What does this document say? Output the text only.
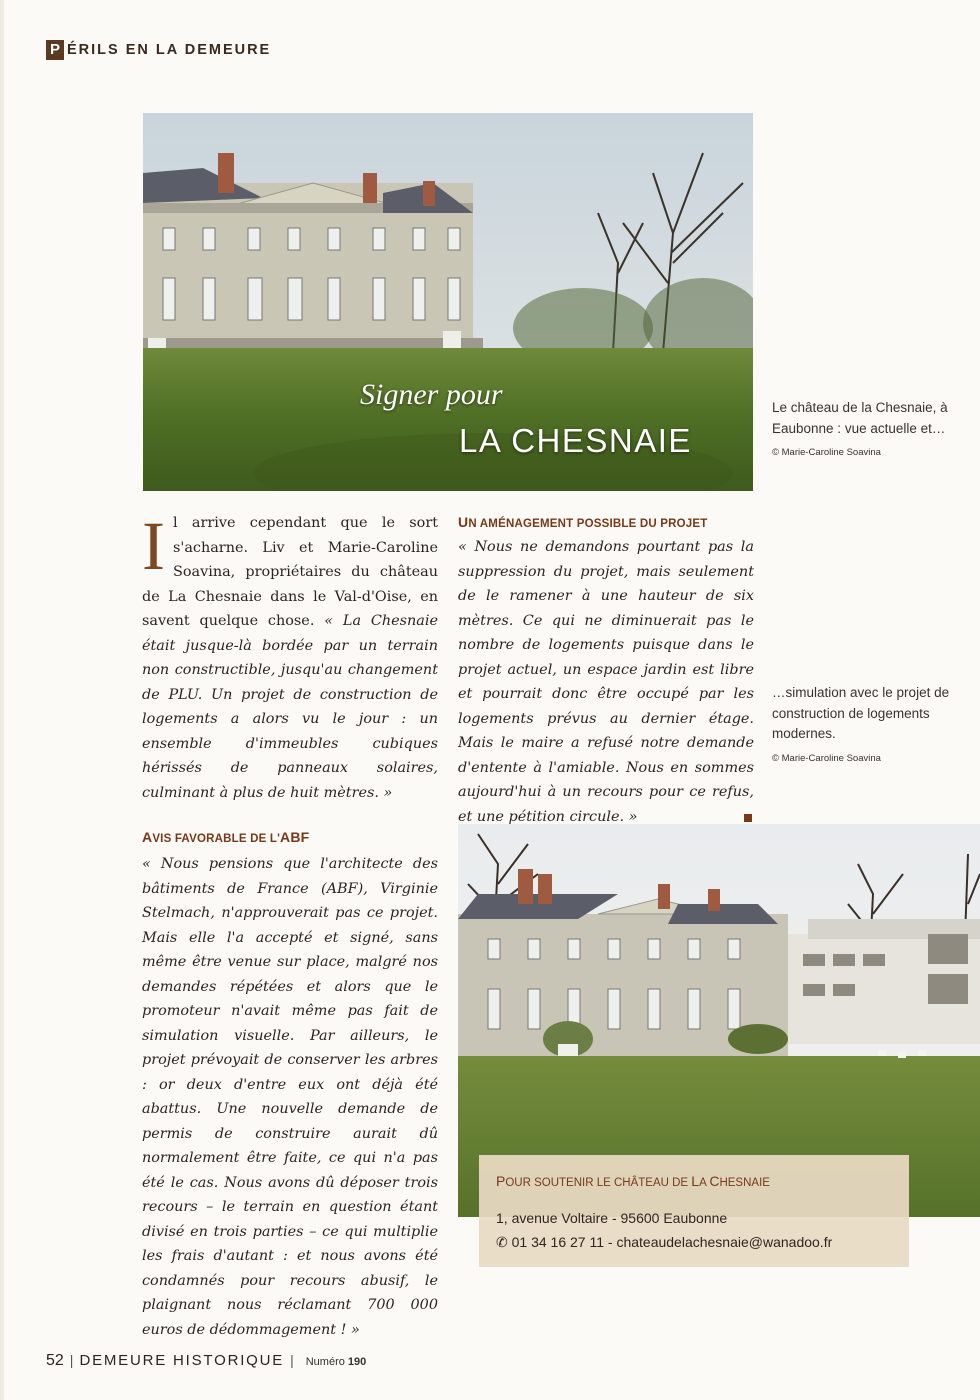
P ÉRILS EN LA DEMEURE
Signer pour
LA CHESNAIE
Le château de la Chesnaie, à Eaubonne : vue actuelle et…
© Marie-Caroline Soavina
…simulation avec le projet de construction de logements modernes.
© Marie-Caroline Soavina

Il arrive cependant que le sort s'acharne. Liv et Marie-Caroline Soavina, propriétaires du château de La Chesnaie dans le Val-d'Oise, en savent quelque chose. « La Chesnaie était jusque-là bordée par un terrain non constructible, jusqu'au changement de PLU. Un projet de construction de logements a alors vu le jour : un ensemble d'immeubles cubiques hérissés de panneaux solaires, culminant à plus de huit mètres. »

AVIS FAVORABLE DE L'ABF

« Nous pensions que l'architecte des bâtiments de France (ABF), Virginie Stelmach, n'approuverait pas ce projet. Mais elle l'a accepté et signé, sans même être venue sur place, malgré nos demandes répétées et alors que le promoteur n'avait même pas fait de simulation visuelle. Par ailleurs, le projet prévoyait de conserver les arbres : or deux d'entre eux ont déjà été abattus. Une nouvelle demande de permis de construire aurait dû normalement être faite, ce qui n'a pas été le cas. Nous avons dû déposer trois recours – le terrain en question étant divisé en trois parties – ce qui multiplie les frais d'autant : et nous avons été condamnés pour recours abusif, le plaignant nous réclamant 700 000 euros de dédommagement ! »

UN AMÉNAGEMENT POSSIBLE DU PROJET

« Nous ne demandons pourtant pas la suppression du projet, mais seulement de le ramener à une hauteur de six mètres. Ce qui ne diminuerait pas le nombre de logements puisque dans le projet actuel, un espace jardin est libre et pourrait donc être occupé par les logements prévus au dernier étage. Mais le maire a refusé notre demande d'entente à l'amiable. Nous en sommes aujourd'hui à un recours pour ce refus, et une pétition circule. »

POUR SOUTENIR LE CHÂTEAU DE LA CHESNAIE
1, avenue Voltaire - 95600 Eaubonne
✆ 01 34 16 27 11 - chateaudelachesnaie@wanadoo.fr
52 | DEMEURE HISTORIQUE | Numéro 190
